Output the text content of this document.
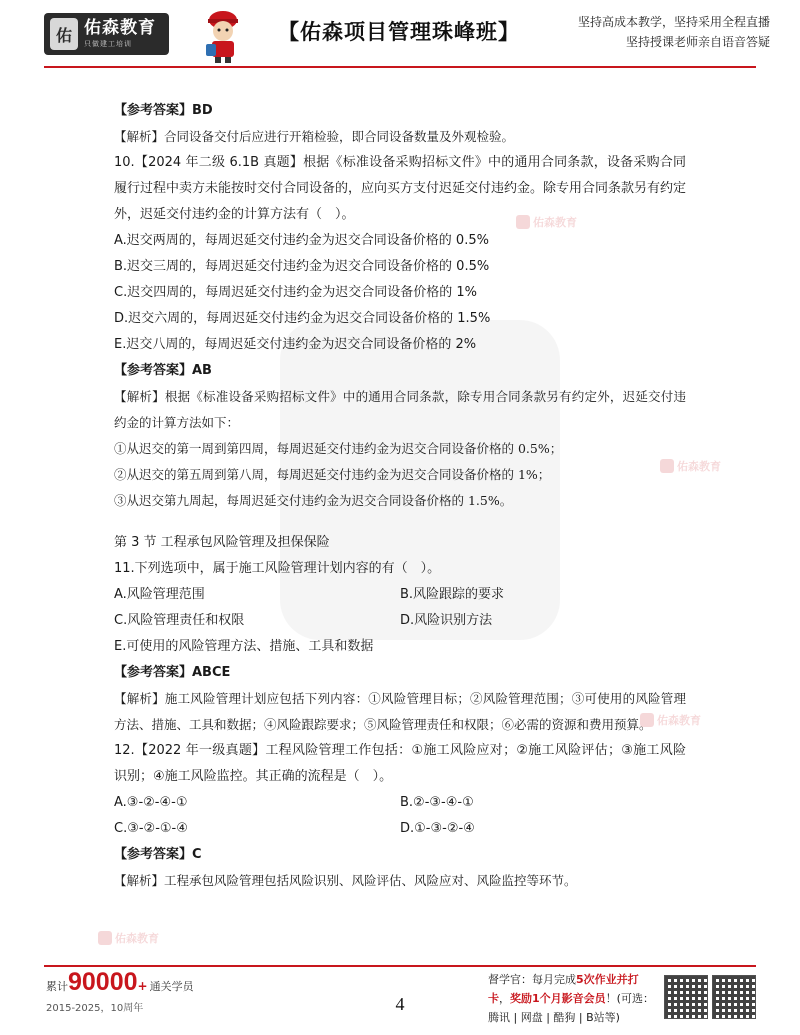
佑 佑森教育
只做建工培训	【佑森项目管理珠峰班】	坚持高成本教学，坚持采用全程直播
坚持授课老师亲自语音答疑
佑森教育
佑森教育
佑森教育
佑森教育
【参考答案】BD
【解析】合同设备交付后应进行开箱检验，即合同设备数量及外观检验。
10.【2024 年二级 6.1B 真题】根据《标准设备采购招标文件》中的通用合同条款，设备采购合同履行过程中卖方未能按时交付合同设备的，应向买方支付迟延交付违约金。除专用合同条款另有约定外，迟延交付违约金的计算方法有（　）。
A.迟交两周的，每周迟延交付违约金为迟交合同设备价格的 0.5%
B.迟交三周的，每周迟延交付违约金为迟交合同设备价格的 0.5%
C.迟交四周的，每周迟延交付违约金为迟交合同设备价格的 1%
D.迟交六周的，每周迟延交付违约金为迟交合同设备价格的 1.5%
E.迟交八周的，每周迟延交付违约金为迟交合同设备价格的 2%
【参考答案】AB
【解析】根据《标准设备采购招标文件》中的通用合同条款，除专用合同条款另有约定外，迟延交付违约金的计算方法如下：
①从迟交的第一周到第四周，每周迟延交付违约金为迟交合同设备价格的 0.5%；
②从迟交的第五周到第八周，每周迟延交付违约金为迟交合同设备价格的 1%；
③从迟交第九周起，每周迟延交付违约金为迟交合同设备价格的 1.5%。
第 3 节 工程承包风险管理及担保保险
11.下列选项中，属于施工风险管理计划内容的有（　）。
A.风险管理范围	B.风险跟踪的要求
C.风险管理责任和权限	D.风险识别方法
E.可使用的风险管理方法、措施、工具和数据
【参考答案】ABCE
【解析】施工风险管理计划应包括下列内容：①风险管理目标；②风险管理范围；③可使用的风险管理方法、措施、工具和数据；④风险跟踪要求；⑤风险管理责任和权限；⑥必需的资源和费用预算。
12.【2022 年一级真题】工程风险管理工作包括：①施工风险应对；②施工风险评估；③施工风险识别；④施工风险监控。其正确的流程是（　）。
A.③-②-④-①	B.②-③-④-①
C.③-②-①-④	D.①-③-②-④
【参考答案】C
【解析】工程承包风险管理包括风险识别、风险评估、风险应对、风险监控等环节。
累计 90000 + 通关学员
2015-2025，10周年	4
督学官：每月完成5次作业并打卡，奖励1个月影音会员！(可选：腾讯 | 网盘 | 酷狗 | B站等)
